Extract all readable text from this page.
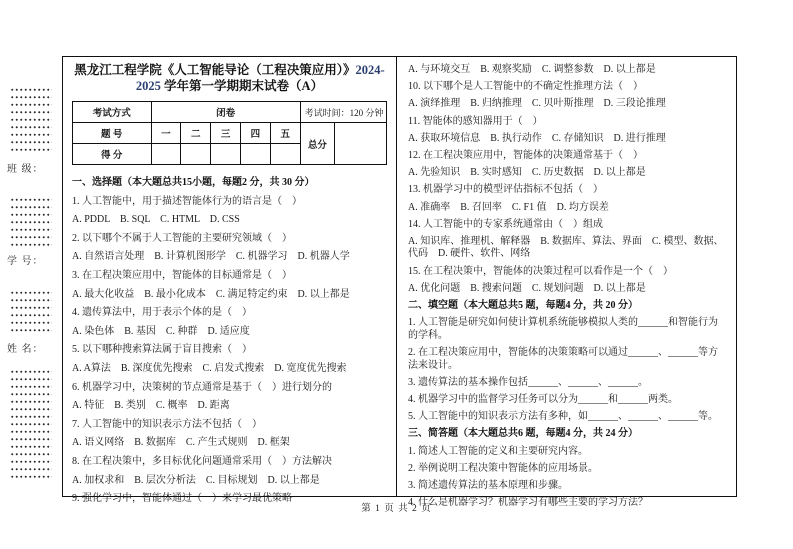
班 级：
学 号：
姓 名：
黑龙江工程学院《人工智能导论（工程决策应用）》2024-2025 学年第一学期期末试卷（A）
考试方式	闭卷					考试时间：120 分钟	
题 号	一	二	三	四	五	总分	
得 分							
一、选择题（本大题总共15小题，每题2 分，共 30 分）

1. 人工智能中，用于描述智能体行为的语言是（　）

A. PDDL　B. SQL　C. HTML　D. CSS

2. 以下哪个不属于人工智能的主要研究领域（　）

A. 自然语言处理　B. 计算机图形学　C. 机器学习　D. 机器人学

3. 在工程决策应用中，智能体的目标通常是（　）

A. 最大化收益　B. 最小化成本　C. 满足特定约束　D. 以上都是

4. 遗传算法中，用于表示个体的是（　）

A. 染色体　B. 基因　C. 种群　D. 适应度

5. 以下哪种搜索算法属于盲目搜索（　）

A. A算法　B. 深度优先搜索　C. 启发式搜索　D. 宽度优先搜索

6. 机器学习中，决策树的节点通常是基于（　）进行划分的

A. 特征　B. 类别　C. 概率　D. 距离

7. 人工智能中的知识表示方法不包括（　）

A. 语义网络　B. 数据库　C. 产生式规则　D. 框架

8. 在工程决策中，多目标优化问题通常采用（　）方法解决

A. 加权求和　B. 层次分析法　C. 目标规划　D. 以上都是

9. 强化学习中，智能体通过（　）来学习最优策略

A. 与环境交互　B. 观察奖励　C. 调整参数　D. 以上都是

10. 以下哪个是人工智能中的不确定性推理方法（　）

A. 演绎推理　B. 归纳推理　C. 贝叶斯推理　D. 三段论推理

11. 智能体的感知器用于（　）

A. 获取环境信息　B. 执行动作　C. 存储知识　D. 进行推理

12. 在工程决策应用中，智能体的决策通常基于（　）

A. 先验知识　B. 实时感知　C. 历史数据　D. 以上都是

13. 机器学习中的模型评估指标不包括（　）

A. 准确率　B. 召回率　C. F1 值　D. 均方误差

14. 人工智能中的专家系统通常由（　）组成

A. 知识库、推理机、解释器　B. 数据库、算法、界面　C. 模型、数据、代码　D. 硬件、软件、网络

15. 在工程决策中，智能体的决策过程可以看作是一个（　）

A. 优化问题　B. 搜索问题　C. 规划问题　D. 以上都是

二、填空题（本大题总共5 题，每题4 分，共 20 分）

1. 人工智能是研究如何使计算机系统能够模拟人类的______和智能行为的学科。

2. 在工程决策应用中，智能体的决策策略可以通过______、______等方法来设计。

3. 遗传算法的基本操作包括______、______、______。

4. 机器学习中的监督学习任务可以分为______和______两类。

5. 人工智能中的知识表示方法有多种，如______、______、______等。

三、简答题（本大题总共6 题，每题4 分，共 24 分）

1. 简述人工智能的定义和主要研究内容。

2. 举例说明工程决策中智能体的应用场景。

3. 简述遗传算法的基本原理和步骤。

4. 什么是机器学习？机器学习有哪些主要的学习方法？

第 1 页 共 2 页
